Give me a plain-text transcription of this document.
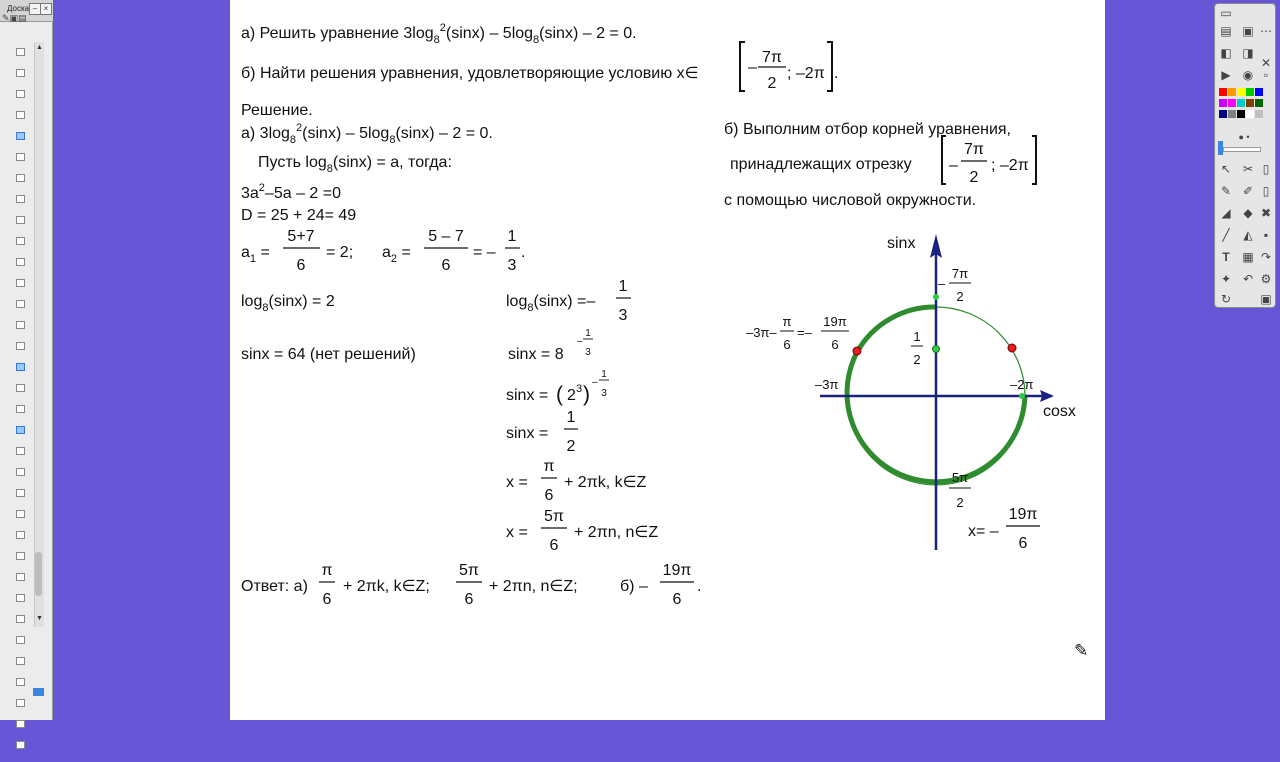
Доска – ×
✎▣▤
▲
▼
а) Решить уравнение $3\log_8^2(\sin x) - 5\log_8(\sin x) - 2 = 0$.
б) Найти решения уравнения, удовлетворяющие условию x∈	–
7π
2
; –2π .
Решение.
а) $3\log_8^2(\sin x) - 5\log_8(\sin x) - 2 = 0$.
Пусть $\log_8(\sin x) = a$, тогда:
$3a^2-5a - 2 =0$
D = 25 + 24= 49
$a_1$ =
5+7
6
= 2; $a_2$ =
5 – 7
6
= –
1
3
.
$\log_8(\sin x) = 2$	$\log_8(\sin x)$ =–
1
3
sinx = 64 (нет решений)	sinx = 8
–
1
3
sinx = ( 2 3 )
–
1
3
sinx =
1
2
x =
π
6
+ 2πk, k∈Z
x =
5π
6
+ 2πn, n∈Z
Ответ: а)
π
6
+ 2πk, k∈Z;
5π
6
+ 2πn, n∈Z;	б) –
19π
6
.
б) Выполним отбор корней уравнения,
принадлежащих отрезку –
7π
2
; –2π
с помощью числовой окружности.
sinx
cosx
–
7π
2
–3π–
π
6
=–
19π
6
1
2
–3π	–2π
5π
2
x= –
19π
6
▭
▤ ▣ ⋯
◧ ◨
✕
▶ ◉ ▫
● •
↖ ✂ ▯
✎ ✐ ▯
◢ ◆ ✖
╱ ◭ ▪
T ▦ ↷
✦ ↶ ⚙
↻ ▣
✎
